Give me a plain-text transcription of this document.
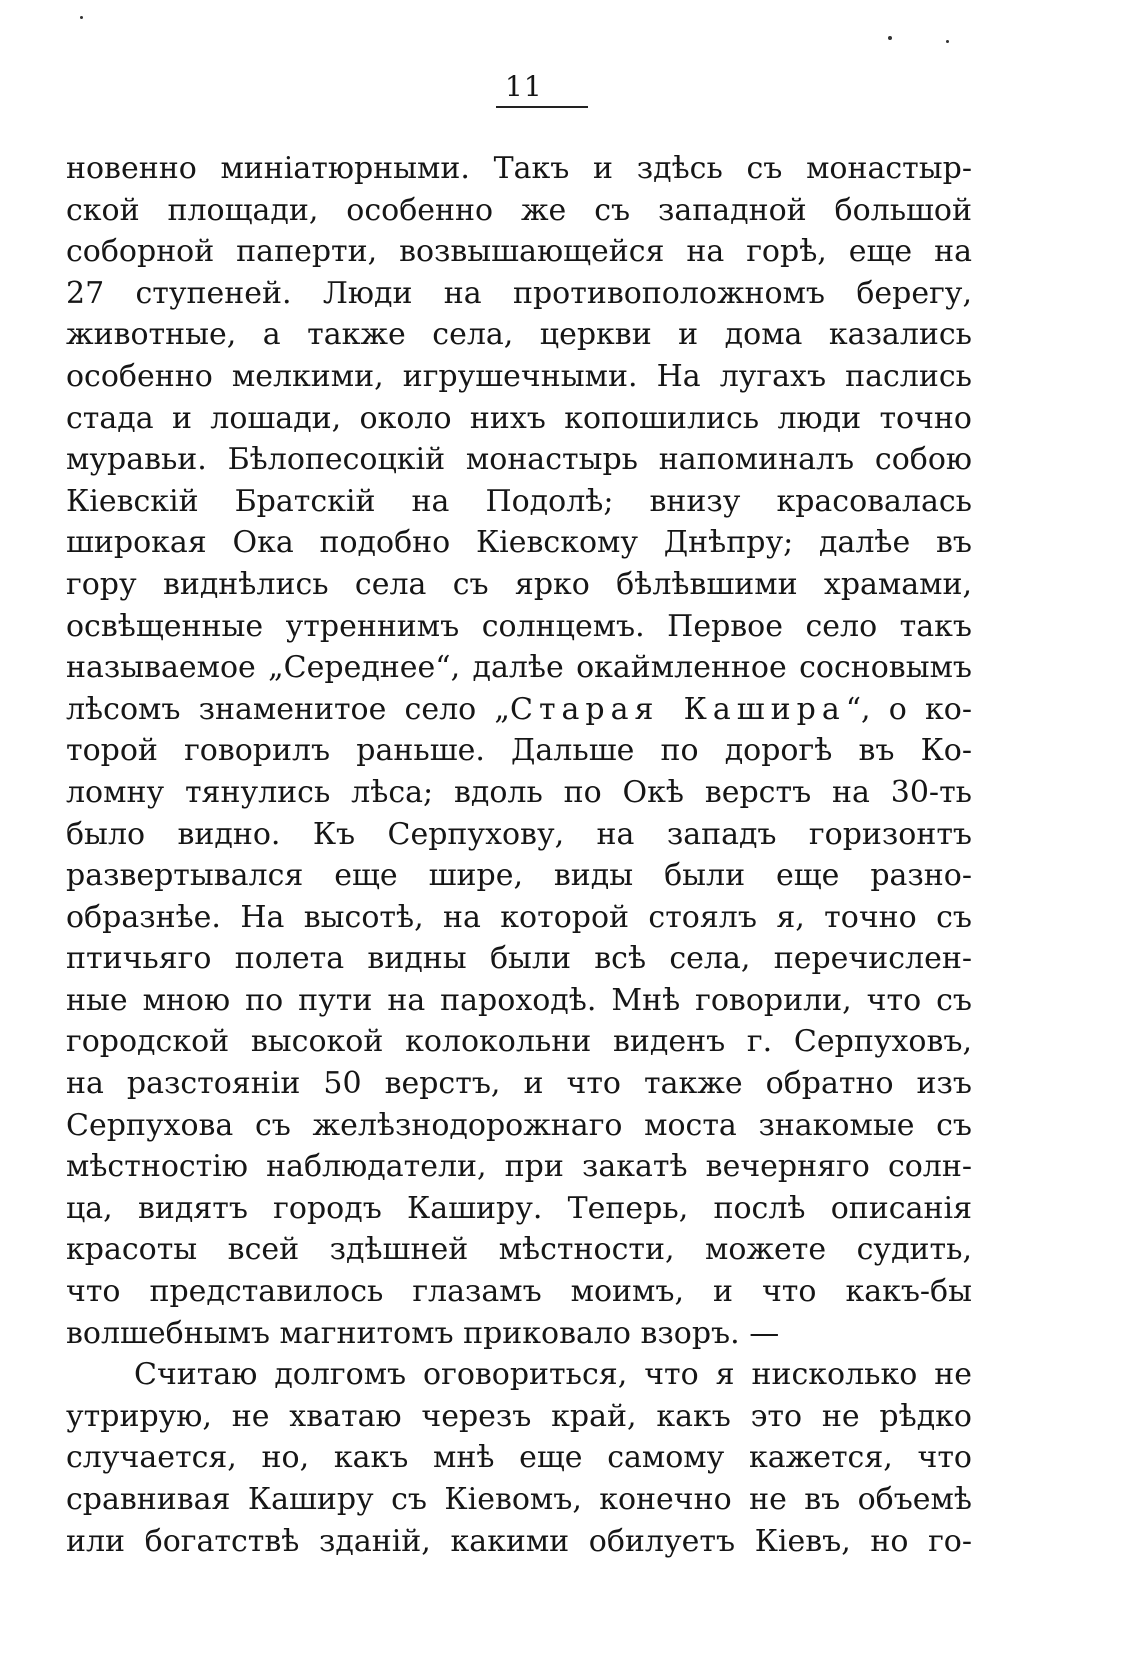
11
новенно миніатюрными. Такъ и здѣсь съ монастыр-
ской площади, особенно же съ западной большой
соборной паперти, возвышающейся на горѣ, еще на
27 ступеней. Люди на противоположномъ берегу,
животные, а также села, церкви и дома казались
особенно мелкими, игрушечными. На лугахъ паслись
стада и лошади, около нихъ копошились люди точно
муравьи. Бѣлопесоцкій монастырь напоминалъ собою
Кіевскій Братскій на Подолѣ; внизу красовалась
широкая Ока подобно Кіевскому Днѣпру; далѣе въ
гору виднѣлись села съ ярко бѣлѣвшими храмами,
освѣщенные утреннимъ солнцемъ. Первое село такъ
называемое „Середнее“, далѣе окаймленное сосновымъ
лѣсомъ знаменитое село „Старая Кашира“, о ко-
торой говорилъ раньше. Дальше по дорогѣ въ Ко-
ломну тянулись лѣса; вдоль по Окѣ верстъ на 30-ть
было видно. Къ Серпухову, на западъ горизонтъ
развертывался еще шире, виды были еще разно-
образнѣе. На высотѣ, на которой стоялъ я, точно съ
птичьяго полета видны были всѣ села, перечислен-
ные мною по пути на пароходѣ. Мнѣ говорили, что съ
городской высокой колокольни виденъ г. Серпуховъ,
на разстояніи 50 верстъ, и что также обратно изъ
Серпухова съ желѣзнодорожнаго моста знакомые съ
мѣстностію наблюдатели, при закатѣ вечерняго солн-
ца, видятъ городъ Каширу. Теперь, послѣ описанія
красоты всей здѣшней мѣстности, можете судить,
что представилось глазамъ моимъ, и что какъ-бы
волшебнымъ магнитомъ приковало взоръ. —
Считаю долгомъ оговориться, что я нисколько не
утрирую, не хватаю черезъ край, какъ это не рѣдко
случается, но, какъ мнѣ еще самому кажется, что
сравнивая Каширу съ Кіевомъ, конечно не въ объемѣ
или богатствѣ зданій, какими обилуетъ Кіевъ, но го-
